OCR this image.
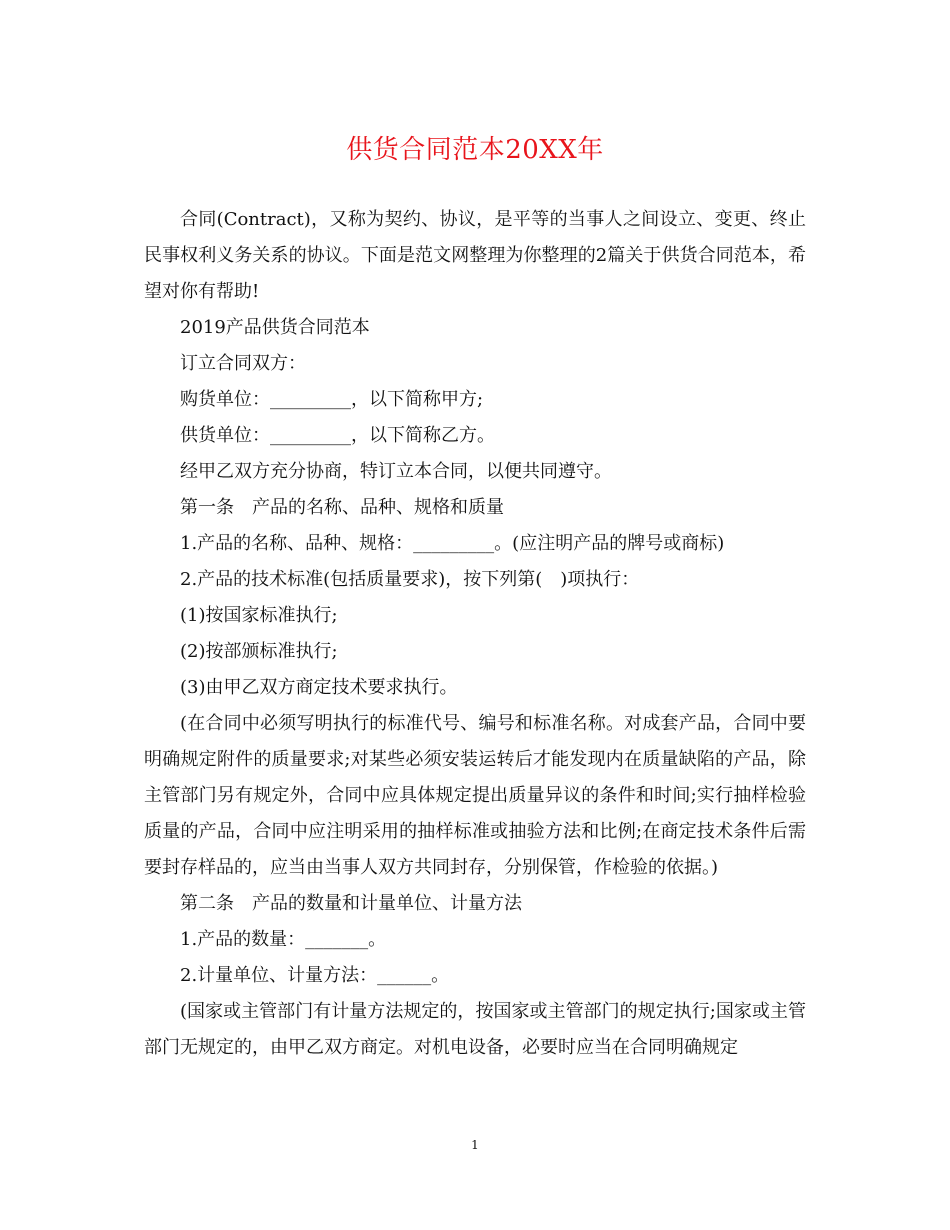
供货合同范本20XX年

合同(Contract)，又称为契约、协议，是平等的当事人之间设立、变更、终止民事权利义务关系的协议。下面是范文网整理为你整理的2篇关于供货合同范本，希望对你有帮助!

2019产品供货合同范本

订立合同双方：

购货单位：_________，以下简称甲方;

供货单位：_________，以下简称乙方。

经甲乙双方充分协商，特订立本合同，以便共同遵守。

第一条　产品的名称、品种、规格和质量

1.产品的名称、品种、规格：_________。(应注明产品的牌号或商标)

2.产品的技术标准(包括质量要求)，按下列第(　)项执行：

(1)按国家标准执行;

(2)按部颁标准执行;

(3)由甲乙双方商定技术要求执行。

(在合同中必须写明执行的标准代号、编号和标准名称。对成套产品，合同中要明确规定附件的质量要求;对某些必须安装运转后才能发现内在质量缺陷的产品，除主管部门另有规定外，合同中应具体规定提出质量异议的条件和时间;实行抽样检验质量的产品，合同中应注明采用的抽样标准或抽验方法和比例;在商定技术条件后需要封存样品的，应当由当事人双方共同封存，分别保管，作检验的依据。)

第二条　产品的数量和计量单位、计量方法

1.产品的数量：_______。

2.计量单位、计量方法：______。

(国家或主管部门有计量方法规定的，按国家或主管部门的规定执行;国家或主管部门无规定的，由甲乙双方商定。对机电设备，必要时应当在合同明确规定

1
